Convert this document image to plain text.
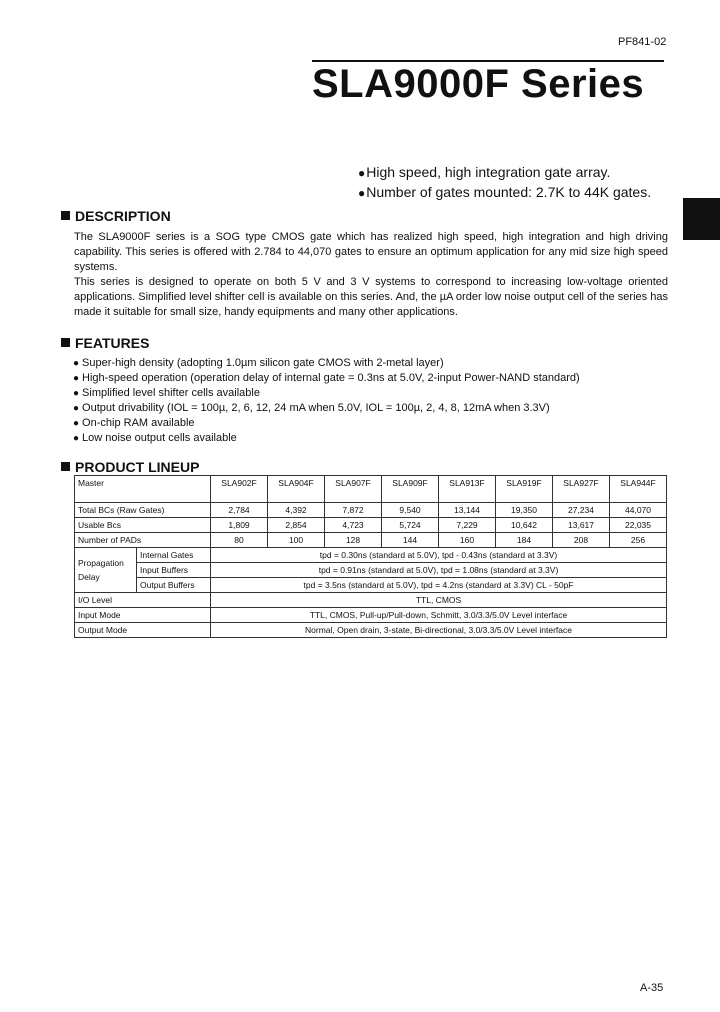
PF841-02
SLA9000F Series
● High speed, high integration gate array.
● Number of gates mounted: 2.7K to 44K gates.
DESCRIPTION

The SLA9000F series is a SOG type CMOS gate which has realized high speed, high integration and high driving capability. This series is offered with 2.784 to 44,070 gates to ensure an optimum application for any mid size high speed systems.

This series is designed to operate on both 5 V and 3 V systems to correspond to increasing low-voltage oriented applications. Simplified level shifter cell is available on this series. And, the µA order low noise output cell of the series has made it suitable for small size, handy equipments and many other applications.

FEATURES
● Super-high density (adopting 1.0µm silicon gate CMOS with 2-metal layer)
● High-speed operation (operation delay of internal gate = 0.3ns at 5.0V, 2-input Power-NAND standard)
● Simplified level shifter cells available
● Output drivability (IOL = 100µ, 2, 6, 12, 24 mA when 5.0V, IOL = 100µ, 2, 4, 8, 12mA when 3.3V)
● On-chip RAM available
● Low noise output cells available
PRODUCT LINEUP
Master		SLA902F	SLA904F	SLA907F	SLA909F	SLA913F	SLA919F	SLA927F	SLA944F
Total BCs (Raw Gates)		2,784	4,392	7,872	9,540	13,144	19,350	27,234	44,070
Usable Bcs		1,809	2,854	4,723	5,724	7,229	10,642	13,617	22,035
Number of PADs		80	100	128	144	160	184	208	256
Propagation Delay	Internal Gates	tpd = 0.30ns (standard at 5.0V), tpd - 0.43ns (standard at 3.3V)							
	Input Buffers	tpd = 0.91ns (standard at 5.0V), tpd = 1.08ns (standard at 3.3V)							
	Output Buffers	tpd = 3.5ns (standard at 5.0V), tpd = 4.2ns (standard at 3.3V) CL - 50pF							
I/O Level		TTL, CMOS							
Input Mode		TTL, CMOS, Pull-up/Pull-down, Schmitt, 3.0/3.3/5.0V Level interface							
Output Mode		Normal, Open drain, 3-state, Bi-directional, 3.0/3.3/5.0V Level interface							
A-35
